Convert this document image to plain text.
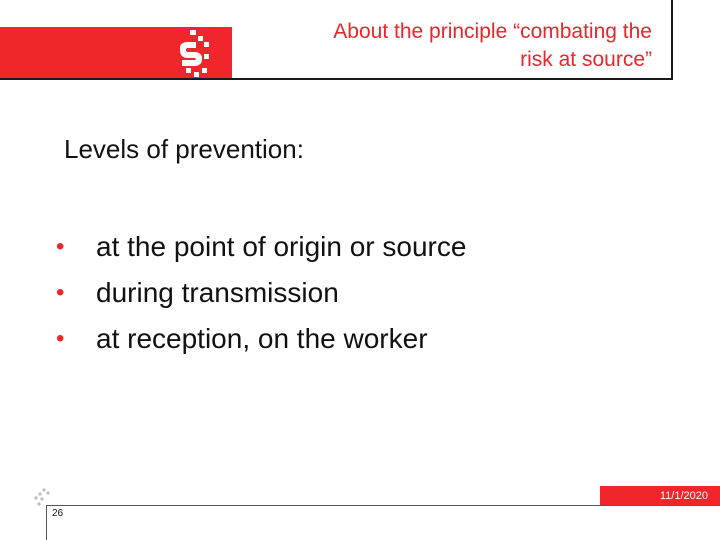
About the principle “combating the
risk at source”
Levels of prevention:
•	at the point of origin or source
•	during transmission
•	at reception, on the worker
11/1/2020
26
